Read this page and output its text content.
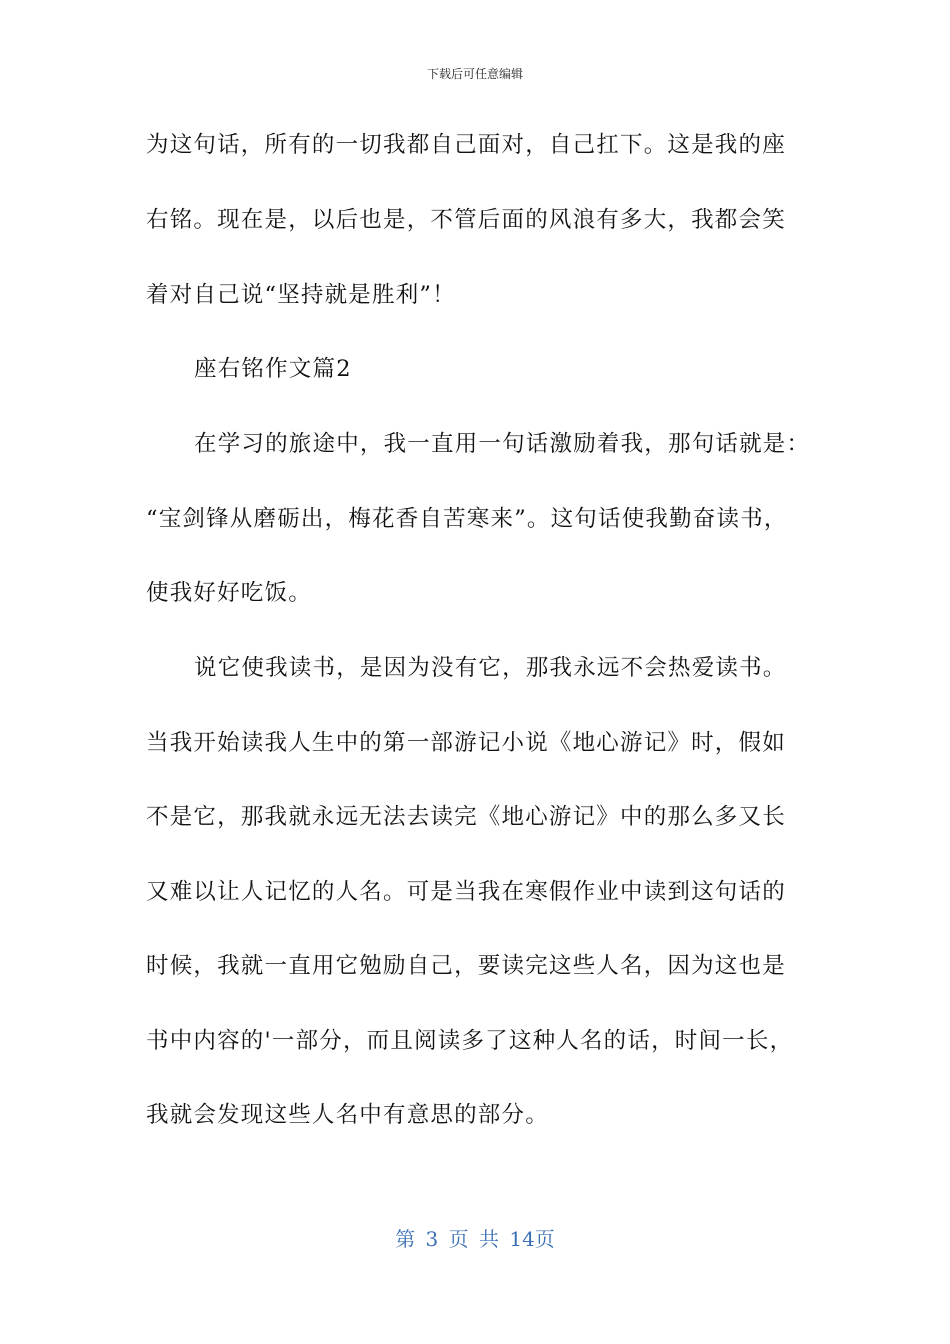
下载后可任意编辑
为这句话，所有的一切我都自己面对，自己扛下。这是我的座
右铭。现在是，以后也是，不管后面的风浪有多大，我都会笑
着对自己说“坚持就是胜利”！
座右铭作文篇2
在学习的旅途中，我一直用一句话激励着我，那句话就是：
“宝剑锋从磨砺出，梅花香自苦寒来”。这句话使我勤奋读书，
使我好好吃饭。
说它使我读书，是因为没有它，那我永远不会热爱读书。
当我开始读我人生中的第一部游记小说《地心游记》时，假如
不是它，那我就永远无法去读完《地心游记》中的那么多又长
又难以让人记忆的人名。可是当我在寒假作业中读到这句话的
时候，我就一直用它勉励自己，要读完这些人名，因为这也是
书中内容的'一部分，而且阅读多了这种人名的话，时间一长，
我就会发现这些人名中有意思的部分。
第 3 页 共 14页
